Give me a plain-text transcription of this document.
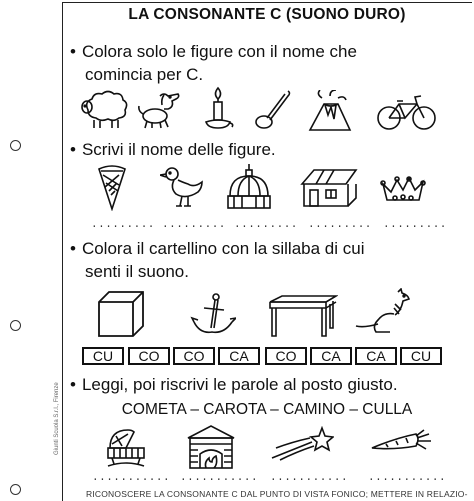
Giunti Scuola S.r.l., Firenze
LA CONSONANTE C (SUONO DURO)
• Colora solo le figure con il nome che
comincia per C.
• Scrivi il nome delle figure.
......... ......... ......... ......... .........
• Colora il cartellino con la sillaba di cui
senti il suono.
CU	CO	CO	CA	CO	CA	CA	CU
• Leggi, poi riscrivi le parole al posto giusto.
COMETA – CAROTA – CAMINO – CULLA
........... ........... ........... ...........
RICONOSCERE LA CONSONANTE C DAL PUNTO DI VISTA FONICO; METTERE IN RELAZIO-
